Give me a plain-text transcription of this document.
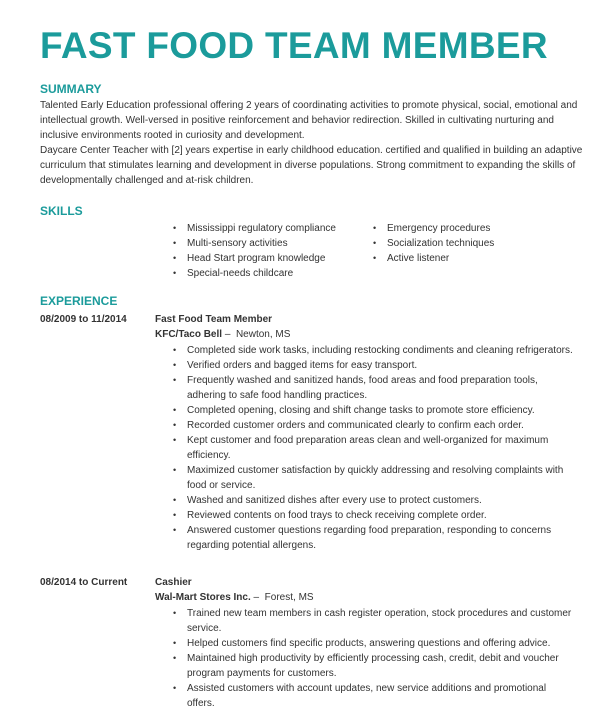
FAST FOOD TEAM MEMBER
SUMMARY

Talented Early Education professional offering 2 years of coordinating activities to promote physical, social, emotional and intellectual growth. Well-versed in positive reinforcement and behavior redirection. Skilled in cultivating nurturing and inclusive environments rooted in curiosity and development.

Daycare Center Teacher with [2] years expertise in early childhood education. certified and qualified in building an adaptive curriculum that stimulates learning and development in diverse populations. Strong commitment to expanding the skills of developmentally challenged and at-risk children.

SKILLS
• Mississippi regulatory compliance
• Multi-sensory activities
• Head Start program knowledge
• Special-needs childcare
• Emergency procedures
• Socialization techniques
• Active listener
EXPERIENCE
08/2009 to 11/2014	Fast Food Team Member
KFC/Taco Bell –  Newton, MS
• Completed side work tasks, including restocking condiments and cleaning refrigerators.
• Verified orders and bagged items for easy transport.
• Frequently washed and sanitized hands, food areas and food preparation tools, adhering to safe food handling practices.
• Completed opening, closing and shift change tasks to promote store efficiency.
• Recorded customer orders and communicated clearly to confirm each order.
• Kept customer and food preparation areas clean and well-organized for maximum efficiency.
• Maximized customer satisfaction by quickly addressing and resolving complaints with food or service.
• Washed and sanitized dishes after every use to protect customers.
• Reviewed contents on food trays to check receiving complete order.
• Answered customer questions regarding food preparation, responding to concerns regarding potential allergens.
08/2014 to Current	Cashier
Wal-Mart Stores Inc. –  Forest, MS
• Trained new team members in cash register operation, stock procedures and customer service.
• Helped customers find specific products, answering questions and offering advice.
• Maintained high productivity by efficiently processing cash, credit, debit and voucher program payments for customers.
• Assisted customers with account updates, new service additions and promotional offers.
